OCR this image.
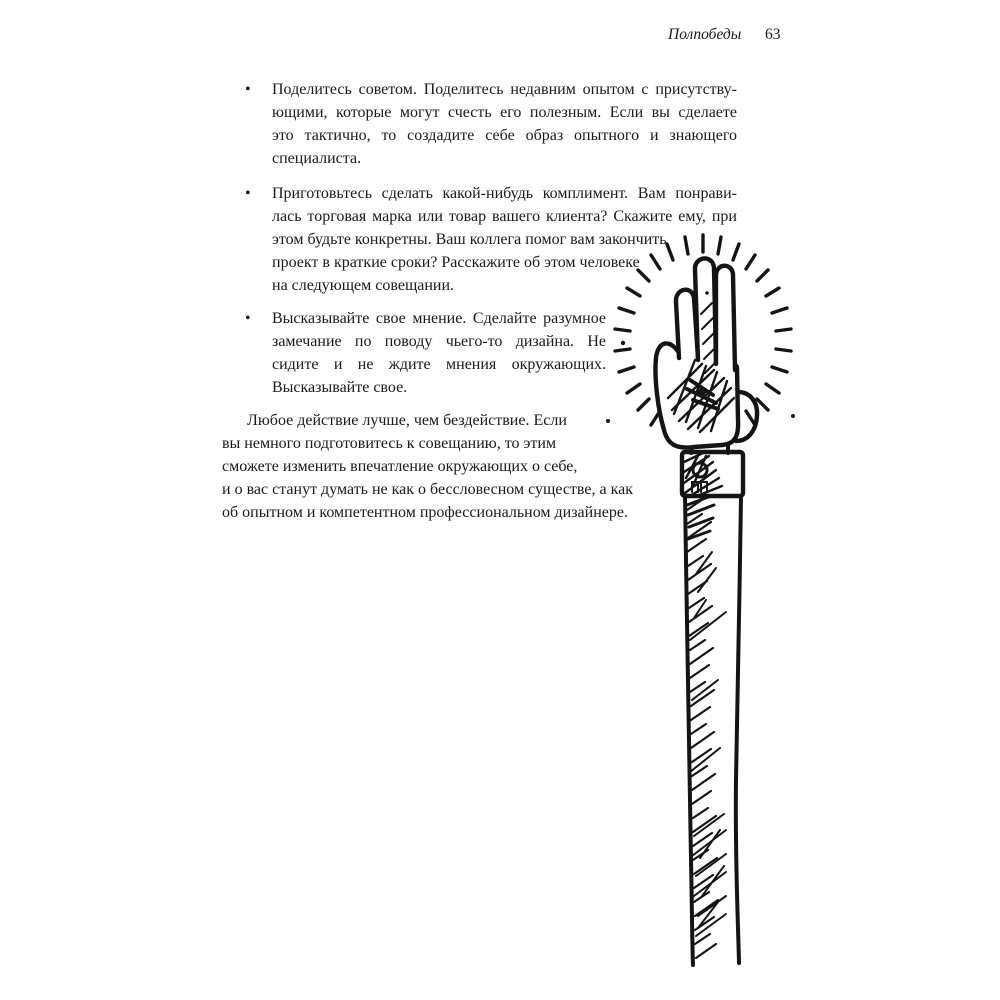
Полпобеды 63
• Поделитесь советом. Поделитесь недавним опытом с присутству-
ющими, которые могут счесть его полезным. Если вы сделаете
это тактично, то создадите себе образ опытного и знающего
специалиста.
• Приготовьтесь сделать какой-нибудь комплимент. Вам понрави-
лась торговая марка или товар вашего клиента? Скажите ему, при
этом будьте конкретны. Ваш коллега помог вам закончить
проект в краткие сроки? Расскажите об этом человеке
на следующем совещании.
• Высказывайте свое мнение. Сделайте разумное
замечание по поводу чьего-то дизайна. Не
сидите и не ждите мнения окружающих.
Высказывайте свое.
Любое действие лучше, чем бездействие. Если
вы немного подготовитесь к совещанию, то этим
сможете изменить впечатление окружающих о себе,
и о вас станут думать не как о бессловесном существе, а как
об опытном и компетентном профессиональном дизайнере.
